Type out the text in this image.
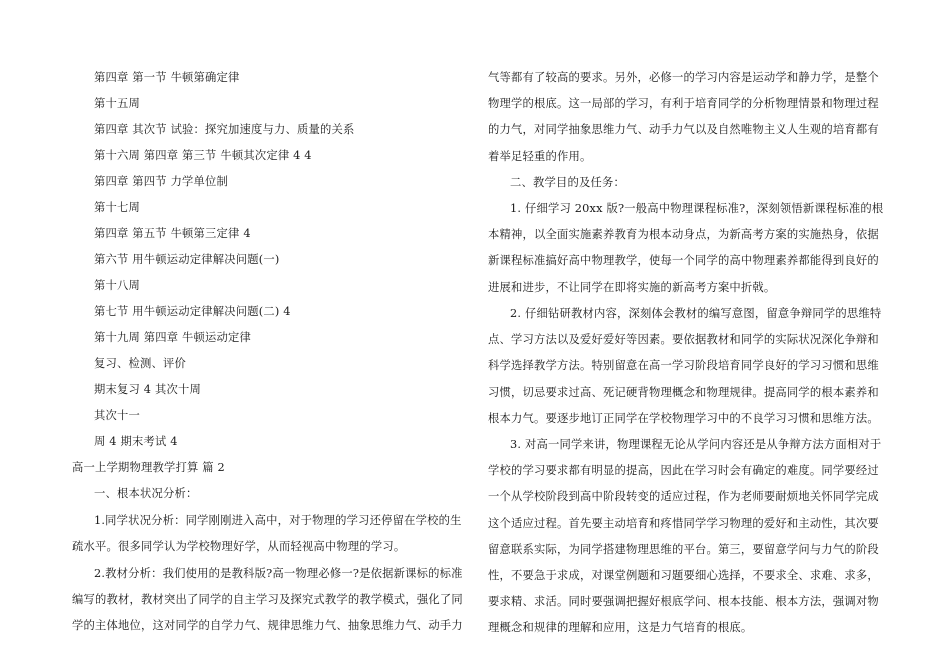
第四章 第一节 牛顿第确定律
第十五周
第四章 其次节 试验：探究加速度与力、质量的关系
第十六周 第四章 第三节 牛顿其次定律 4 4
第四章 第四节 力学单位制
第十七周
第四章 第五节 牛顿第三定律 4
第六节 用牛顿运动定律解决问题(一)
第十八周
第七节 用牛顿运动定律解决问题(二) 4
第十九周 第四章 牛顿运动定律
复习、检测、评价
期末复习 4 其次十周
其次十一
周 4 期末考试 4
高一上学期物理教学打算 篇 2
一、根本状况分析：
1.同学状况分析：同学刚刚进入高中，对于物理的学习还停留在学校的生
疏水平。很多同学认为学校物理好学，从而轻视高中物理的学习。
2.教材分析：我们使用的是教科版?高一物理必修一?是依据新课标的标准
编写的教材，教材突出了同学的自主学习及探究式教学的教学模式，强化了同
学的主体地位，这对同学的自学力气、规律思维力气、抽象思维力气、动手力
气等都有了较高的要求。另外，必修一的学习内容是运动学和静力学，是整个
物理学的根底。这一局部的学习，有利于培育同学的分析物理情景和物理过程
的力气，对同学抽象思维力气、动手力气以及自然唯物主义人生观的培育都有
着举足轻重的作用。
二、教学目的及任务：
1. 仔细学习 20xx 版?一般高中物理课程标准?，深刻领悟新课程标准的根
本精神，以全面实施素养教育为根本动身点，为新高考方案的实施热身，依据
新课程标准搞好高中物理教学，使每一个同学的高中物理素养都能得到良好的
进展和进步，不让同学在即将实施的新高考方案中折戟。
2. 仔细钻研教材内容，深刻体会教材的编写意图，留意争辩同学的思维特
点、学习方法以及爱好爱好等因素。要依据教材和同学的实际状况深化争辩和
科学选择教学方法。特别留意在高一学习阶段培育同学良好的学习习惯和思维
习惯，切忌要求过高、死记硬背物理概念和物理规律。提高同学的根本素养和
根本力气。要逐步地订正同学在学校物理学习中的不良学习习惯和思维方法。
3. 对高一同学来讲，物理课程无论从学问内容还是从争辩方法方面相对于
学校的学习要求都有明显的提高，因此在学习时会有确定的难度。同学要经过
一个从学校阶段到高中阶段转变的适应过程，作为老师要耐烦地关怀同学完成
这个适应过程。首先要主动培育和疼惜同学学习物理的爱好和主动性，其次要
留意联系实际，为同学搭建物理思维的平台。第三，要留意学问与力气的阶段
性，不要急于求成，对课堂例题和习题要细心选择，不要求全、求难、求多，
要求精、求活。同时要强调把握好根底学问、根本技能、根本方法，强调对物
理概念和规律的理解和应用，这是力气培育的根底。
